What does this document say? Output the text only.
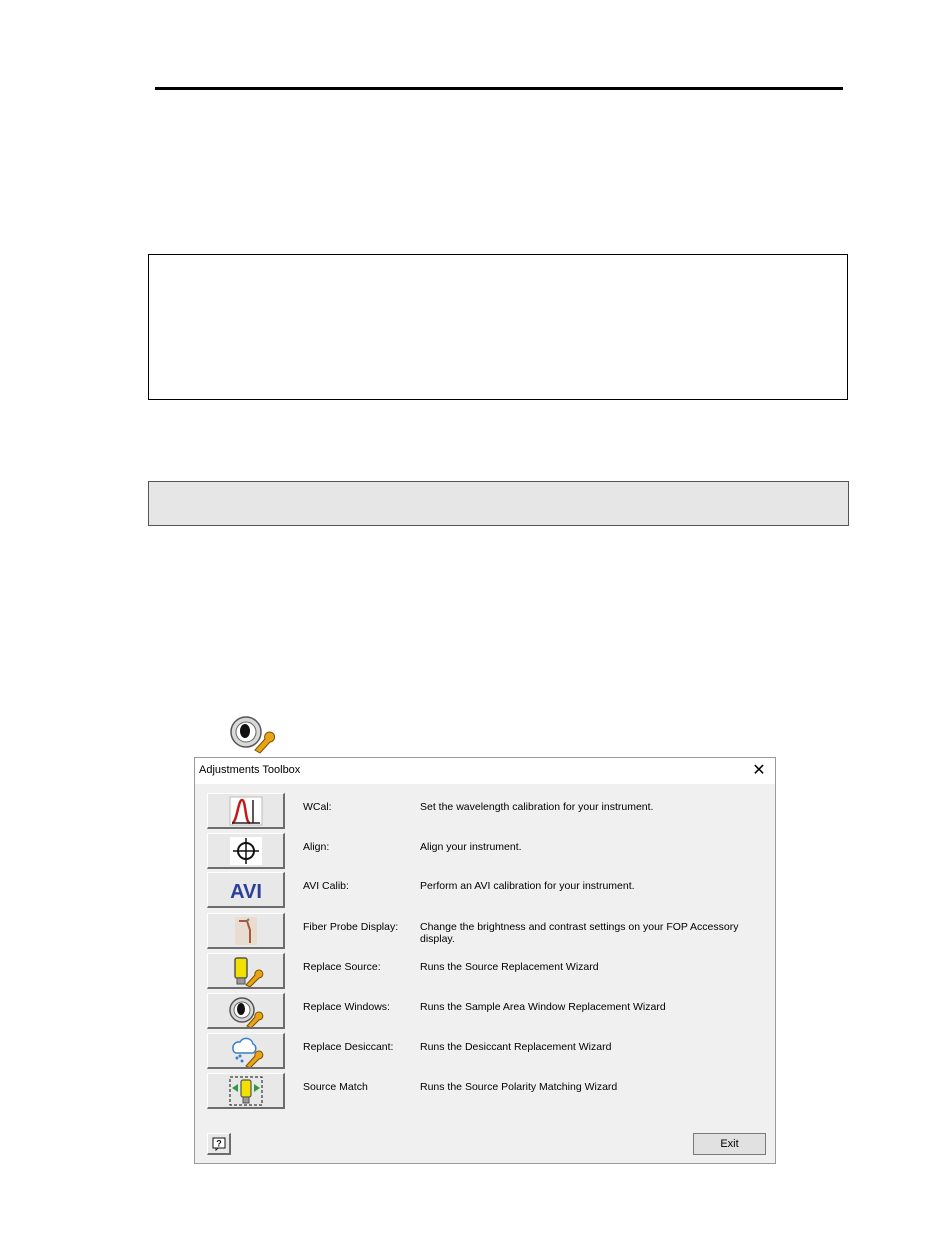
Adjustments Toolbox	✕
WCal:	Set the wavelength calibration for your instrument.
Align:	Align your instrument.
AVI	AVI Calib:	Perform an AVI calibration for your instrument.
Fiber Probe Display: Change the brightness and contrast settings on your FOP Accessory display.
Replace Source:	Runs the Source Replacement Wizard
Replace Windows:	Runs the Sample Area Window Replacement Wizard
Replace Desiccant:	Runs the Desiccant Replacement Wizard
Source Match	Runs the Source Polarity Matching Wizard
?	Exit
